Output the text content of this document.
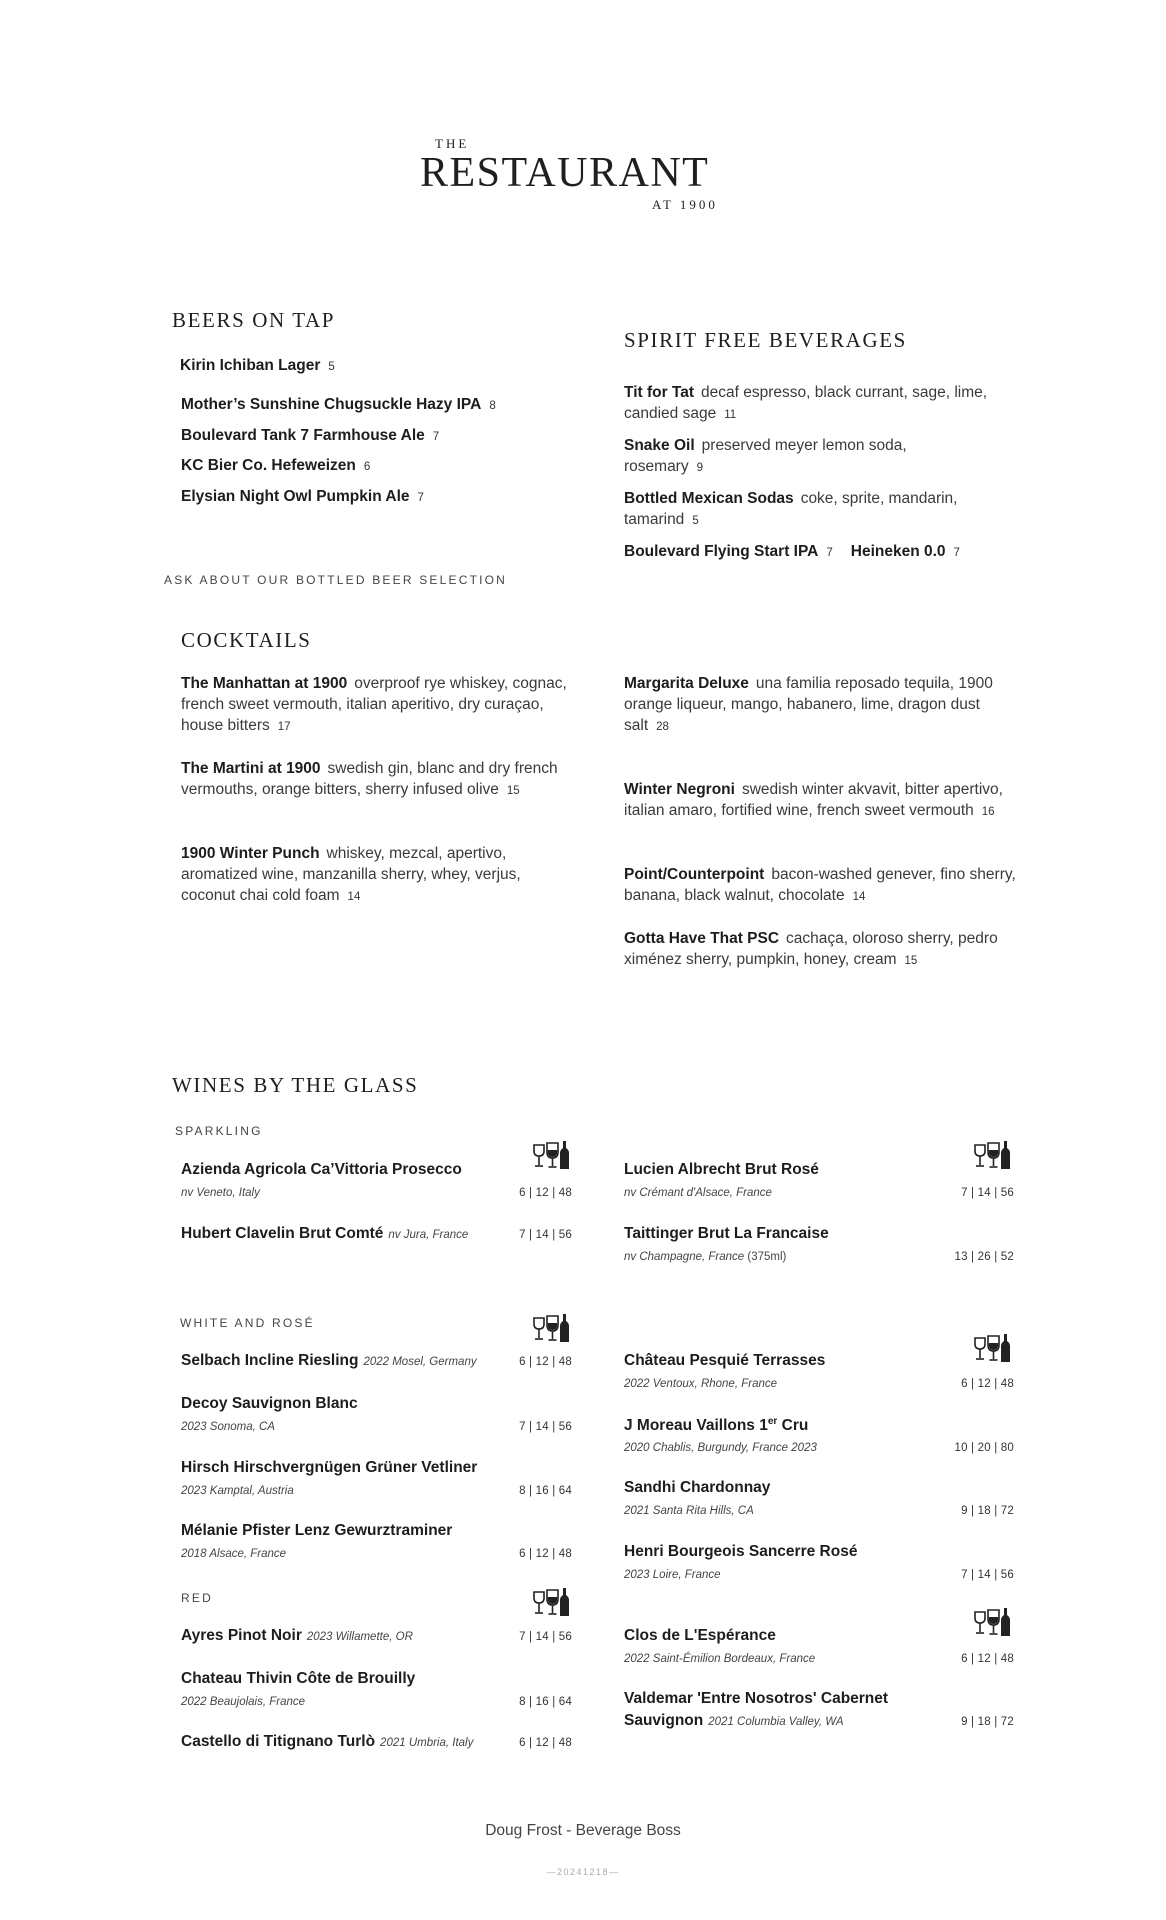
THE
RESTAURANT
AT 1900
BEERS ON TAP
Kirin Ichiban Lager 5
Mother’s Sunshine Chugsuckle Hazy IPA 8
Boulevard Tank 7 Farmhouse Ale 7
KC Bier Co. Hefeweizen 6
Elysian Night Owl Pumpkin Ale 7
ASK ABOUT OUR BOTTLED BEER SELECTION
SPIRIT FREE BEVERAGES
Tit for Tat decaf espresso, black currant, sage, lime, candied sage 11
Snake Oil preserved meyer lemon soda, rosemary 9
Bottled Mexican Sodas coke, sprite, mandarin, tamarind 5
Boulevard Flying Start IPA 7 Heineken 0.0 7
COCKTAILS
The Manhattan at 1900 overproof rye whiskey, cognac, french sweet vermouth, italian aperitivo, dry curaçao, house bitters 17
The Martini at 1900 swedish gin, blanc and dry french vermouths, orange bitters, sherry infused olive 15
1900 Winter Punch whiskey, mezcal, apertivo, aromatized wine, manzanilla sherry, whey, verjus, coconut chai cold foam 14
Margarita Deluxe una familia reposado tequila, 1900 orange liqueur, mango, habanero, lime, dragon dust salt 28
Winter Negroni swedish winter akvavit, bitter apertivo, italian amaro, fortified wine, french sweet vermouth 16
Point/Counterpoint bacon-washed genever, fino sherry, banana, black walnut, chocolate 14
Gotta Have That PSC cachaça, oloroso sherry, pedro ximénez sherry, pumpkin, honey, cream 15
WINES BY THE GLASS
SPARKLING
Azienda Agricola Ca’Vittoria Prosecco
nv Veneto, Italy	6 | 12 | 48
Hubert Clavelin Brut Comté nv Jura, France	7 | 14 | 56
Lucien Albrecht Brut Rosé
nv Crémant d'Alsace, France	7 | 14 | 56
Taittinger Brut La Francaise
nv Champagne, France (375ml)	13 | 26 | 52
WHITE AND ROSÉ
Selbach Incline Riesling 2022 Mosel, Germany	6 | 12 | 48
Decoy Sauvignon Blanc
2023 Sonoma, CA	7 | 14 | 56
Hirsch Hirschvergnügen Grüner Vetliner
2023 Kamptal, Austria	8 | 16 | 64
Mélanie Pfister Lenz Gewurztraminer
2018 Alsace, France	6 | 12 | 48
Château Pesquié Terrasses
2022 Ventoux, Rhone, France	6 | 12 | 48
J Moreau Vaillons 1er Cru
2020 Chablis, Burgundy, France 2023	10 | 20 | 80
Sandhi Chardonnay
2021 Santa Rita Hills, CA	9 | 18 | 72
Henri Bourgeois Sancerre Rosé
2023 Loire, France	7 | 14 | 56
RED
Ayres Pinot Noir 2023 Willamette, OR	7 | 14 | 56
Chateau Thivin Côte de Brouilly
2022 Beaujolais, France	8 | 16 | 64
Castello di Titignano Turlò 2021 Umbria, Italy	6 | 12 | 48
Clos de L'Espérance
2022 Saint-Émilion Bordeaux, France	6 | 12 | 48
Valdemar 'Entre Nosotros' Cabernet
Sauvignon 2021 Columbia Valley, WA	9 | 18 | 72
Doug Frost - Beverage Boss
—20241218—
